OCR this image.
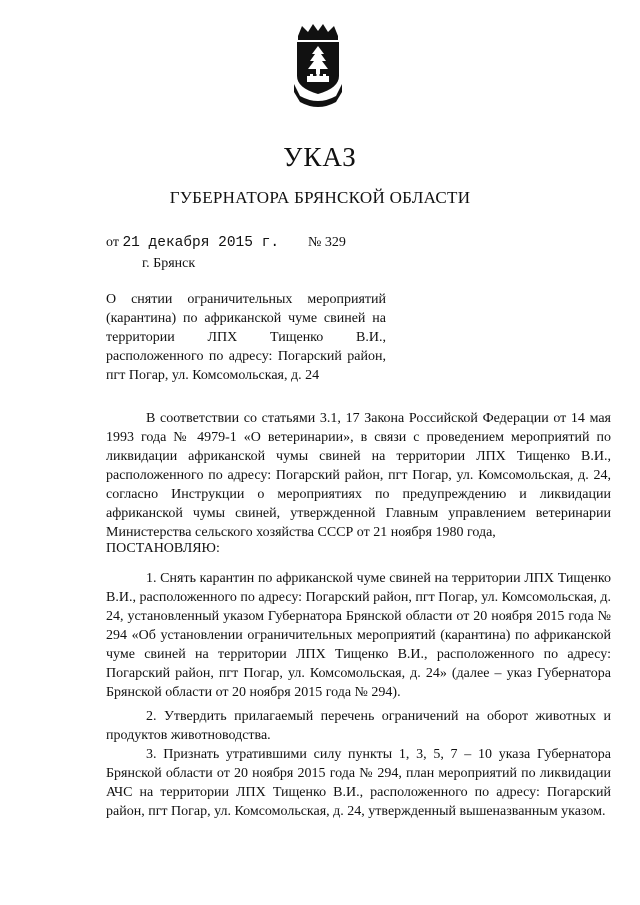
УКАЗ
ГУБЕРНАТОРА БРЯНСКОЙ ОБЛАСТИ
от 21 декабря 2015 г. № 329
г. Брянск
О снятии ограничительных мероприятий (карантина) по африканской чуме свиней на территории ЛПХ Тищенко В.И., расположенного по адресу: Погарский район, пгт Погар, ул. Комсомольская, д. 24

В соответствии со статьями 3.1, 17 Закона Российской Федерации от 14 мая 1993 года № 4979-1 «О ветеринарии», в связи с проведением мероприятий по ликвидации африканской чумы свиней на территории ЛПХ Тищенко В.И., расположенного по адресу: Погарский район, пгт Погар, ул. Комсомольская, д. 24, согласно Инструкции о мероприятиях по предупреждению и ликвидации африканской чумы свиней, утвержденной Главным управлением ветеринарии Министерства сельского хозяйства СССР от 21 ноября 1980 года,

ПОСТАНОВЛЯЮ:

1. Снять карантин по африканской чуме свиней на территории ЛПХ Тищенко В.И., расположенного по адресу: Погарский район, пгт Погар, ул. Комсомольская, д. 24, установленный указом Губернатора Брянской области от 20 ноября 2015 года № 294 «Об установлении ограничительных мероприятий (карантина) по африканской чуме свиней на территории ЛПХ Тищенко В.И., расположенного по адресу: Погарский район, пгт Погар, ул. Комсомольская, д. 24» (далее – указ Губернатора Брянской области от 20 ноября 2015 года № 294).

2. Утвердить прилагаемый перечень ограничений на оборот животных и продуктов животноводства.

3. Признать утратившими силу пункты 1, 3, 5, 7 – 10 указа Губернатора Брянской области от 20 ноября 2015 года № 294, план мероприятий по ликвидации АЧС на территории ЛПХ Тищенко В.И., расположенного по адресу: Погарский район, пгт Погар, ул. Комсомольская, д. 24, утвержденный вышеназванным указом.
